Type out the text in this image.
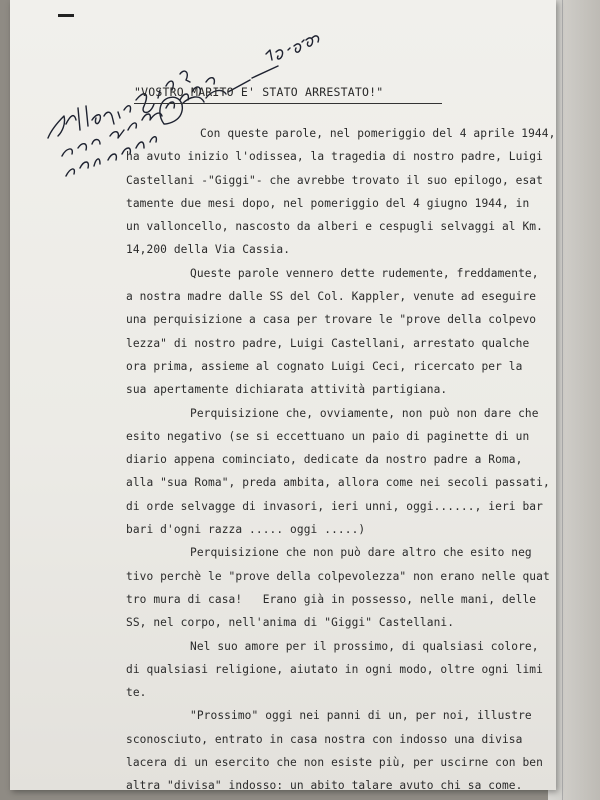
"VOSTRO MARITO E' STATO ARRESTATO!"

Con queste parole, nel pomeriggio del 4 aprile 1944,

ha avuto inizio l'odissea, la tragedia di nostro padre, Luigi

Castellani -"Giggi"- che avrebbe trovato il suo epilogo, esat

tamente due mesi dopo, nel pomeriggio del 4 giugno 1944, in

un valloncello, nascosto da alberi e cespugli selvaggi al Km.

14,200 della Via Cassia.

Queste parole vennero dette rudemente, freddamente,

a nostra madre dalle SS del Col. Kappler, venute ad eseguire

una perquisizione a casa per trovare le "prove della colpevo

lezza" di nostro padre, Luigi Castellani, arrestato qualche

ora prima, assieme al cognato Luigi Ceci, ricercato per la

sua apertamente dichiarata attività partigiana.

Perquisizione che, ovviamente, non può non dare che

esito negativo (se si eccettuano un paio di paginette di un

diario appena cominciato, dedicate da nostro padre a Roma,

alla "sua Roma", preda ambita, allora come nei secoli passati,

di orde selvagge di invasori, ieri unni, oggi......, ieri bar

bari d'ogni razza ..... oggi .....)

Perquisizione che non può dare altro che esito neg

tivo perchè le "prove della colpevolezza" non erano nelle quat

tro mura di casa!   Erano già in possesso, nelle mani, delle

SS, nel corpo, nell'anima di "Giggi" Castellani.

Nel suo amore per il prossimo, di qualsiasi colore,

di qualsiasi religione, aiutato in ogni modo, oltre ogni limi

te.

"Prossimo" oggi nei panni di un, per noi, illustre

sconosciuto, entrato in casa nostra con indosso una divisa

lacera di un esercito che non esiste più, per uscirne con ben

altra "divisa" indosso: un abito talare avuto chi sa come.
